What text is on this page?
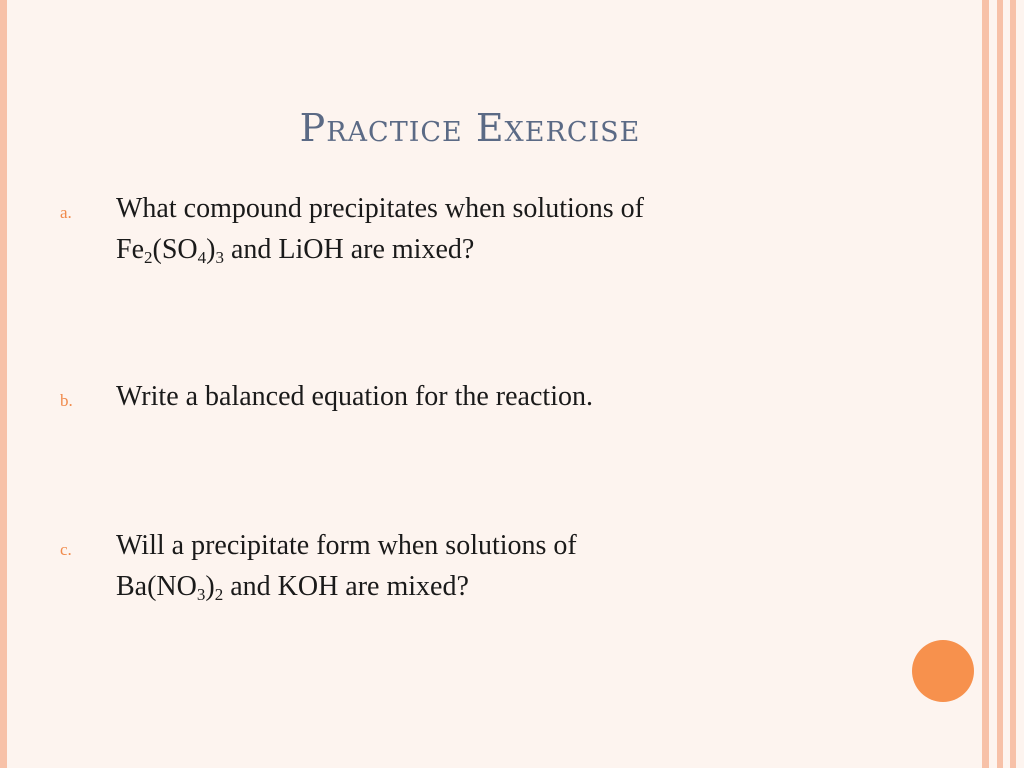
Practice Exercise
a. What compound precipitates when solutions of
$Fe_2(SO_4)_3$ and LiOH are mixed?
b. Write a balanced equation for the reaction.
c. Will a precipitate form when solutions of
$Ba(NO_3)_2$ and KOH are mixed?
